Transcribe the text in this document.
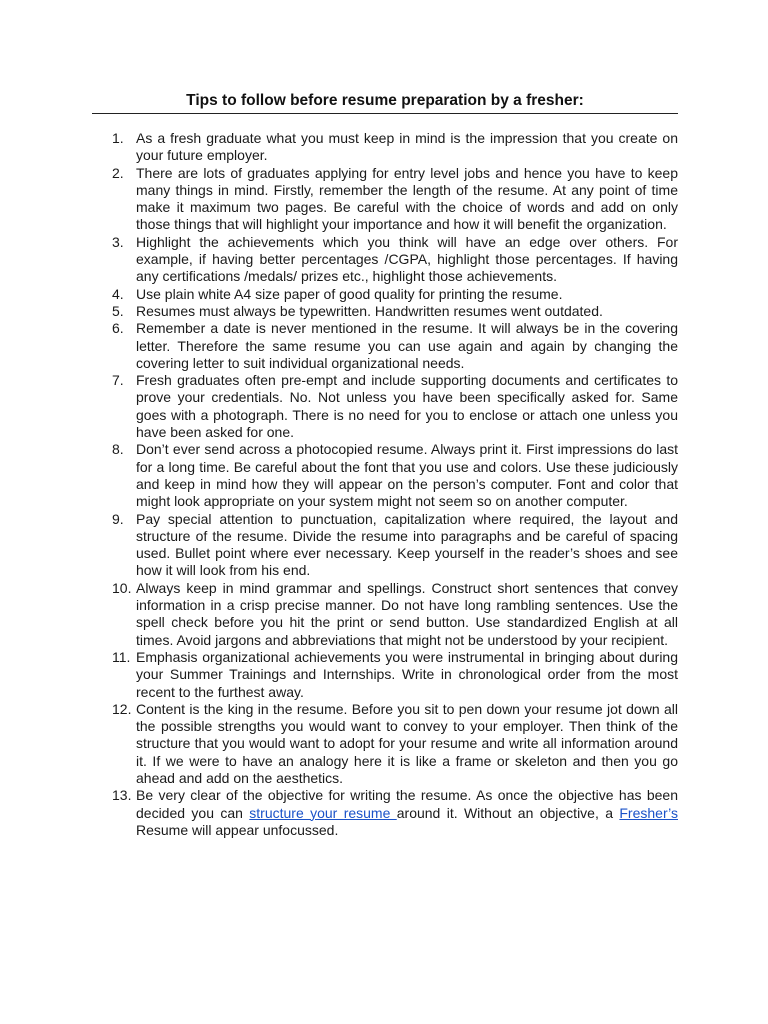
Tips to follow before resume preparation by a fresher:
1. As a fresh graduate what you must keep in mind is the impression that you create on your future employer.
2. There are lots of graduates applying for entry level jobs and hence you have to keep many things in mind. Firstly, remember the length of the resume. At any point of time make it maximum two pages. Be careful with the choice of words and add on only those things that will highlight your importance and how it will benefit the organization.
3. Highlight the achievements which you think will have an edge over others. For example, if having better percentages /CGPA, highlight those percentages. If having any certifications /medals/ prizes etc., highlight those achievements.
4. Use plain white A4 size paper of good quality for printing the resume.
5. Resumes must always be typewritten. Handwritten resumes went outdated.
6. Remember a date is never mentioned in the resume. It will always be in the covering letter. Therefore the same resume you can use again and again by changing the covering letter to suit individual organizational needs.
7. Fresh graduates often pre-empt and include supporting documents and certificates to prove your credentials. No. Not unless you have been specifically asked for. Same goes with a photograph. There is no need for you to enclose or attach one unless you have been asked for one.
8. Don’t ever send across a photocopied resume. Always print it. First impressions do last for a long time. Be careful about the font that you use and colors. Use these judiciously and keep in mind how they will appear on the person’s computer. Font and color that might look appropriate on your system might not seem so on another computer.
9. Pay special attention to punctuation, capitalization where required, the layout and structure of the resume. Divide the resume into paragraphs and be careful of spacing used. Bullet point where ever necessary. Keep yourself in the reader’s shoes and see how it will look from his end.
10. Always keep in mind grammar and spellings. Construct short sentences that convey information in a crisp precise manner. Do not have long rambling sentences. Use the spell check before you hit the print or send button. Use standardized English at all times. Avoid jargons and abbreviations that might not be understood by your recipient.
11. Emphasis organizational achievements you were instrumental in bringing about during your Summer Trainings and Internships. Write in chronological order from the most recent to the furthest away.
12. Content is the king in the resume. Before you sit to pen down your resume jot down all the possible strengths you would want to convey to your employer. Then think of the structure that you would want to adopt for your resume and write all information around it. If we were to have an analogy here it is like a frame or skeleton and then you go ahead and add on the aesthetics.
13. Be very clear of the objective for writing the resume. As once the objective has been decided you can structure your resume around it. Without an objective, a Fresher’s Resume will appear unfocussed.
